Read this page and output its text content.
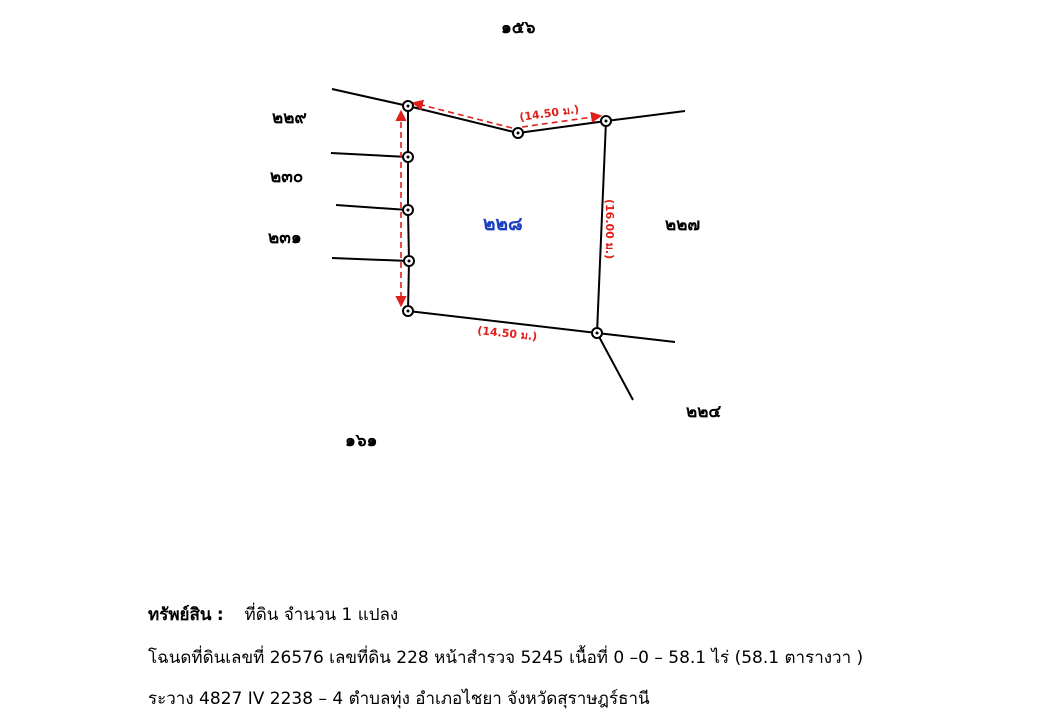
(14.50 ม.)
(14.50 ม.)
(16.00 ม.)
๒๒๘
๑๕๖
๒๒๙
๒๓๐
๒๓๑
๒๒๗
๒๒๔
๑๖๑
ทรัพย์สิน : ที่ดิน จำนวน 1 แปลง
โฉนดที่ดินเลขที่ 26576 เลขที่ดิน 228 หน้าสำรวจ 5245 เนื้อที่ 0 –0 – 58.1 ไร่ (58.1 ตารางวา )
ระวาง 4827 IV 2238 – 4 ตำบลทุ่ง อำเภอไชยา จังหวัดสุราษฎร์ธานี
